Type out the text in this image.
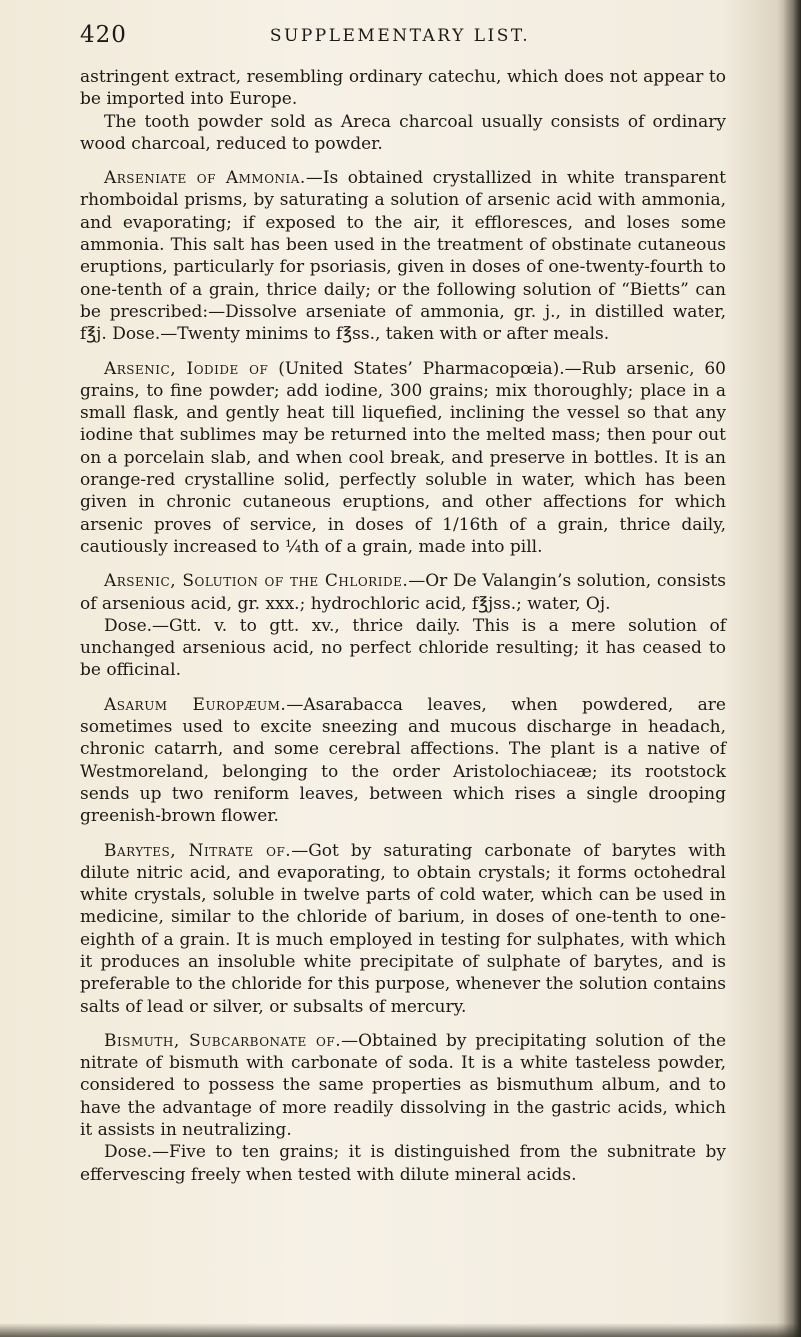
420	SUPPLEMENTARY LIST.

astringent extract, resembling ordinary catechu, which does not appear to be imported into Europe.

The tooth powder sold as Areca charcoal usually consists of ordinary wood charcoal, reduced to powder.

Arseniate of Ammonia.—Is obtained crystallized in white transparent rhomboidal prisms, by saturating a solution of arsenic acid with ammonia, and evaporating; if exposed to the air, it effloresces, and loses some ammonia. This salt has been used in the treatment of obstinate cutaneous eruptions, particularly for psoriasis, given in doses of one-twenty-fourth to one-tenth of a grain, thrice daily; or the following solution of “Bietts” can be prescribed:—Dissolve arseniate of ammonia, gr. j., in distilled water, f℥j. Dose.—Twenty minims to f℥ss., taken with or after meals.

Arsenic, Iodide of (United States’ Pharmacopœia).—Rub arsenic, 60 grains, to fine powder; add iodine, 300 grains; mix thoroughly; place in a small flask, and gently heat till liquefied, inclining the vessel so that any iodine that sublimes may be returned into the melted mass; then pour out on a porcelain slab, and when cool break, and preserve in bottles. It is an orange-red crystalline solid, perfectly soluble in water, which has been given in chronic cutaneous eruptions, and other affections for which arsenic proves of service, in doses of 1/16th of a grain, thrice daily, cautiously increased to ¼th of a grain, made into pill.

Arsenic, Solution of the Chloride.—Or De Valangin’s solution, consists of arsenious acid, gr. xxx.; hydrochloric acid, f℥jss.; water, Oj.

Dose.—Gtt. v. to gtt. xv., thrice daily. This is a mere solution of unchanged arsenious acid, no perfect chloride resulting; it has ceased to be officinal.

Asarum Europæum.—Asarabacca leaves, when powdered, are sometimes used to excite sneezing and mucous discharge in headach, chronic catarrh, and some cerebral affections. The plant is a native of Westmoreland, belonging to the order Aristolochiaceæ; its rootstock sends up two reniform leaves, between which rises a single drooping greenish-brown flower.

Barytes, Nitrate of.—Got by saturating carbonate of barytes with dilute nitric acid, and evaporating, to obtain crystals; it forms octohedral white crystals, soluble in twelve parts of cold water, which can be used in medicine, similar to the chloride of barium, in doses of one-tenth to one-eighth of a grain. It is much employed in testing for sulphates, with which it produces an insoluble white precipitate of sulphate of barytes, and is preferable to the chloride for this purpose, whenever the solution contains salts of lead or silver, or subsalts of mercury.

Bismuth, Subcarbonate of.—Obtained by precipitating solution of the nitrate of bismuth with carbonate of soda. It is a white tasteless powder, considered to possess the same properties as bismuthum album, and to have the advantage of more readily dissolving in the gastric acids, which it assists in neutralizing.

Dose.—Five to ten grains; it is distinguished from the subnitrate by effervescing freely when tested with dilute mineral acids.
